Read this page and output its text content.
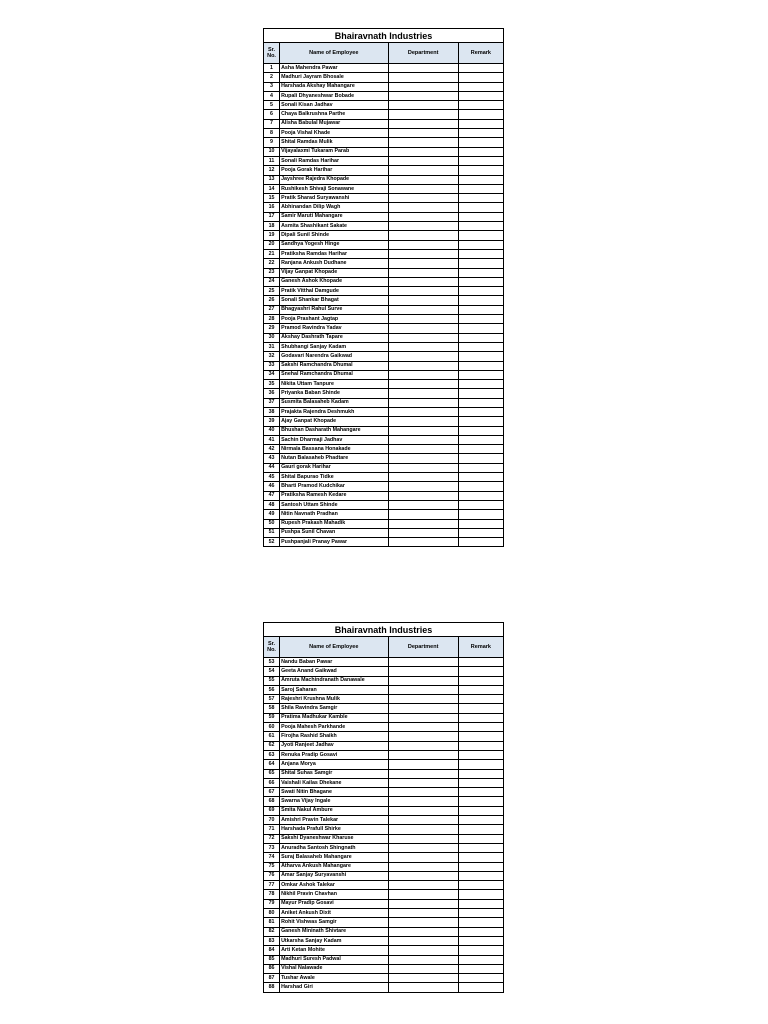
Bhairavnath Industries			
Sr.
No.	Name of Employee	Department	Remark
1	Asha Mahendra Pawar		
2	Madhuri Jayram Bhosale		
3	Harshada Akshay Mahangare		
4	Rupali Dhyaneshwar Bobade		
5	Sonali Kisan Jadhav		
6	Chaya Balkrushna Parthe		
7	Alisha Babulal Mujawar		
8	Pooja Vishal Khade		
9	Shital Ramdas Mulik		
10	Vijayalaxmi Tukaram Parab		
11	Sonali Ramdas Harihar		
12	Pooja Gorak Harihar		
13	Jayshree Rajedra Khopade		
14	Rushikesh Shivaji Sonawane		
15	Pratik Sharad Suryawanshi		
16	Abhinandan Dilip Wagh		
17	Samir Maruti Mahangare		
18	Asmita Shashikant Sakate		
19	Dipali Sunil Shinde		
20	Sandhya Yogesh Hinge		
21	Pratiksha Ramdas Harihar		
22	Ranjana Ankush Dudhane		
23	Vijay Ganpat Khopade		
24	Ganesh Ashok Khopade		
25	Pratik Vitthal Damgude		
26	Sonali Shankar Bhagat		
27	Bhagyashri Rahul Surve		
28	Pooja Prashant Jagtap		
29	Pramod Ravindra Yadav		
30	Akshay Dashrath Tapare		
31	Shubhangi Sanjay Kadam		
32	Godavari Narendra Gaikwad		
33	Sakshi Ramchandra Dhumal		
34	Snehal Ramchandra Dhumal		
35	Nikita Uttam Tanpure		
36	Priyanka Baban Shinde		
37	Susmita Balasaheb Kadam		
38	Prajakta Rajendra Deshmukh		
39	Ajay Ganpat Khopade		
40	Bhushan Dasharath Mahangare		
41	Sachin Dharmaji Jadhav		
42	Nirmala Bassana Honakade		
43	Nutan Balasaheb Phadtare		
44	Gauri gorak Harihar		
45	Shital Bapurao Tidke		
46	Bharti Pramod Kudchikar		
47	Pratiksha Ramesh Kedare		
48	Santosh Uttam Shinde		
49	Nitin Navnath Pradhan		
50	Rupesh Prakash Mahadik		
51	Pushpa Sunil Chavan		
52	Pushpanjali Pranay Pawar		
Bhairavnath Industries			
Sr.
No.	Name of Employee	Department	Remark
53	Nandu Baban Pawar		
54	Geeta Anand Gaikwad		
55	Amruta Machindranath Danawale		
56	Saroj Saharan		
57	Rajeshri Krushna Mulik		
58	Shila Ravindra Samgir		
59	Pratima Madhukar Kamble		
60	Pooja Mahesh Parkhande		
61	Firojha Rashid Shaikh		
62	Jyoti Ranjeet Jadhav		
63	Renuka Pradip Gosavi		
64	Anjana Morya		
65	Shital Suhas Samgir		
66	Vaishali Kailas Dhekane		
67	Swati Nitin Bhagane		
68	Swarna Vijay Ingale		
69	Smita Nakul Ambure		
70	Amishri Pravin Talekar		
71	Harshada Prafull Shirke		
72	Sakshi Dyaneshwar Kharuse		
73	Anuradha Santosh Shingnath		
74	Suraj Balasaheb Mahangare		
75	Atharva Ankush Mahangare		
76	Amar Sanjay Suryavanshi		
77	Omkar Ashok Talekar		
78	Nikhil Pravin Chavhan		
79	Mayur Pradip Gosavi		
80	Aniket Ankush Dixit		
81	Rohit Vishwas Samgir		
82	Ganesh Mininath Shivtare		
83	Utkarsha Sanjay Kadam		
84	Arti Ketan Mohite		
85	Madhuri Suresh Padwal		
86	Vishal Nalawade		
87	Tushar Awale		
88	Harshad Giri		
